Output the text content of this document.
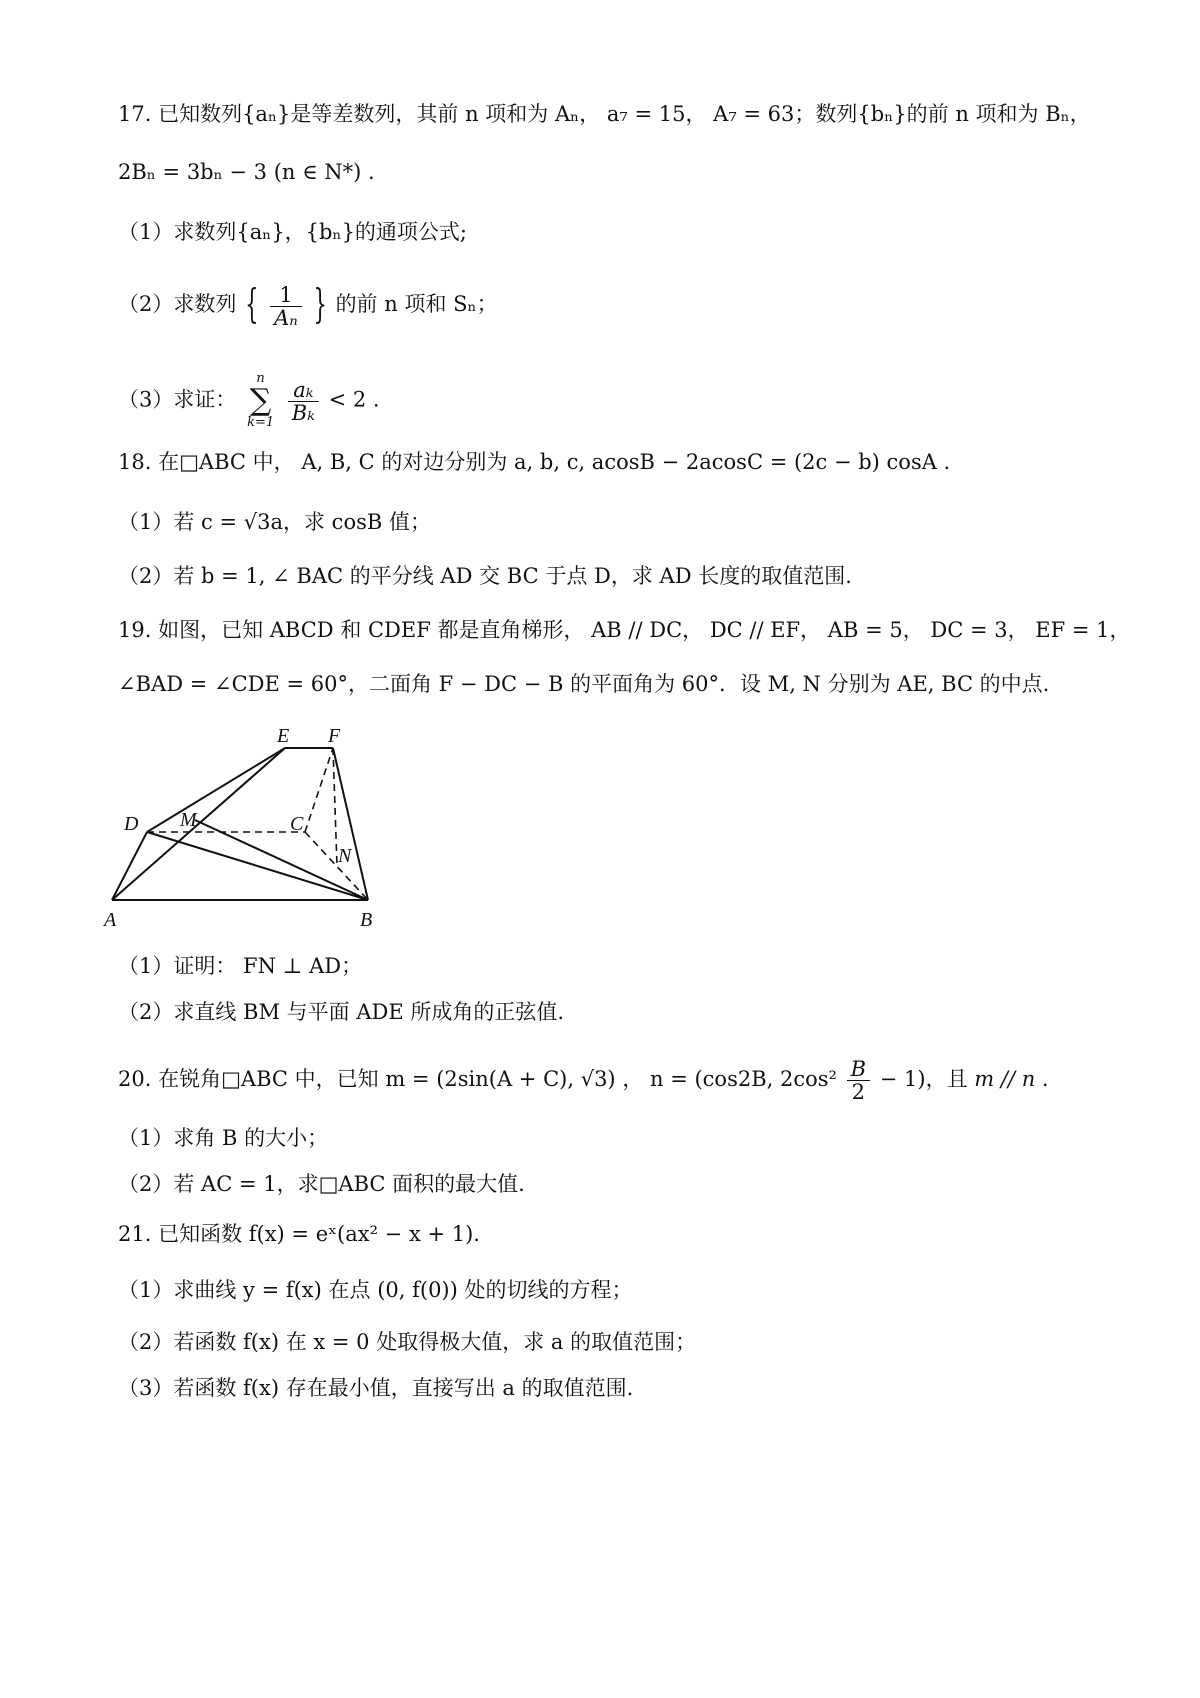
17. 已知数列{aₙ}是等差数列，其前 n 项和为 Aₙ， a₇ = 15， A₇ = 63；数列{bₙ}的前 n 项和为 Bₙ，
2Bₙ = 3bₙ − 3 (n ∈ N*) .
（1）求数列{aₙ}，{bₙ}的通项公式;
（2）求数列 { $\frac{1}{\text{Aₙ}}$ } 的前 n 项和 Sₙ；
（3）求证：
n
∑
k=1
$\frac{\text{aₖ}}{\text{Bₖ}} < 2$ .
18. 在□ABC 中， A, B, C 的对边分别为 a, b, c, acosB − 2acosC = (2c − b) cosA .
（1）若 c = √3a，求 cosB 值；
（2）若 b = 1, ∠ BAC 的平分线 AD 交 BC 于点 D，求 AD 长度的取值范围.
19. 如图，已知 ABCD 和 CDEF 都是直角梯形， AB // DC， DC // EF， AB = 5， DC = 3， EF = 1，
∠BAD = ∠CDE = 60°，二面角 F − DC − B 的平面角为 60°．设 M, N 分别为 AE, BC 的中点.
A	B
C
D
E F
M
N
（1）证明： FN ⊥ AD；
（2）求直线 BM 与平面 ADE 所成角的正弦值.
20. 在锐角□ABC 中，已知 m = (2sin(A + C), √3) ， n = (cos2B, $2\cos^2 \frac{B}{2} - 1$)，且 m // n .
（1）求角 B 的大小；
（2）若 AC = 1，求□ABC 面积的最大值.
21. 已知函数 f(x) = eˣ(ax² − x + 1).
（1）求曲线 y = f(x) 在点 (0, f(0)) 处的切线的方程；
（2）若函数 f(x) 在 x = 0 处取得极大值，求 a 的取值范围；
（3）若函数 f(x) 存在最小值，直接写出 a 的取值范围.
